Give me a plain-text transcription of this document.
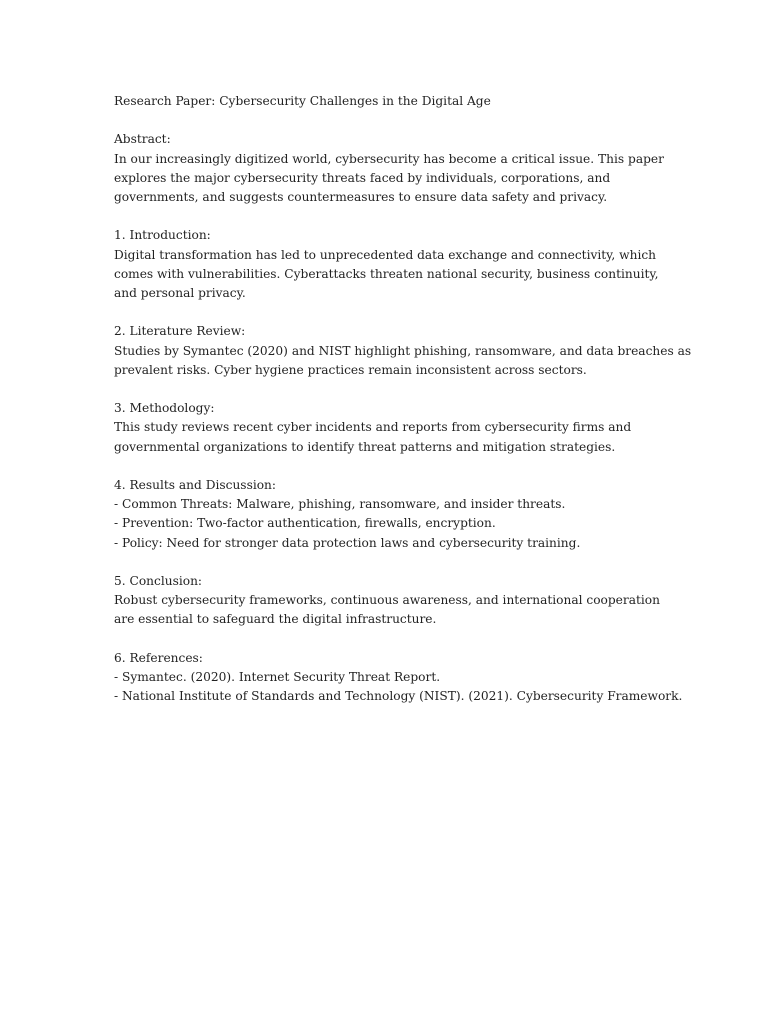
Research Paper: Cybersecurity Challenges in the Digital Age
Abstract:
In our increasingly digitized world, cybersecurity has become a critical issue. This paper
explores the major cybersecurity threats faced by individuals, corporations, and
governments, and suggests countermeasures to ensure data safety and privacy.
1. Introduction:
Digital transformation has led to unprecedented data exchange and connectivity, which
comes with vulnerabilities. Cyberattacks threaten national security, business continuity,
and personal privacy.
2. Literature Review:
Studies by Symantec (2020) and NIST highlight phishing, ransomware, and data breaches as
prevalent risks. Cyber hygiene practices remain inconsistent across sectors.
3. Methodology:
This study reviews recent cyber incidents and reports from cybersecurity firms and
governmental organizations to identify threat patterns and mitigation strategies.
4. Results and Discussion:
- Common Threats: Malware, phishing, ransomware, and insider threats.
- Prevention: Two-factor authentication, firewalls, encryption.
- Policy: Need for stronger data protection laws and cybersecurity training.
5. Conclusion:
Robust cybersecurity frameworks, continuous awareness, and international cooperation
are essential to safeguard the digital infrastructure.
6. References:
- Symantec. (2020). Internet Security Threat Report.
- National Institute of Standards and Technology (NIST). (2021). Cybersecurity Framework.
